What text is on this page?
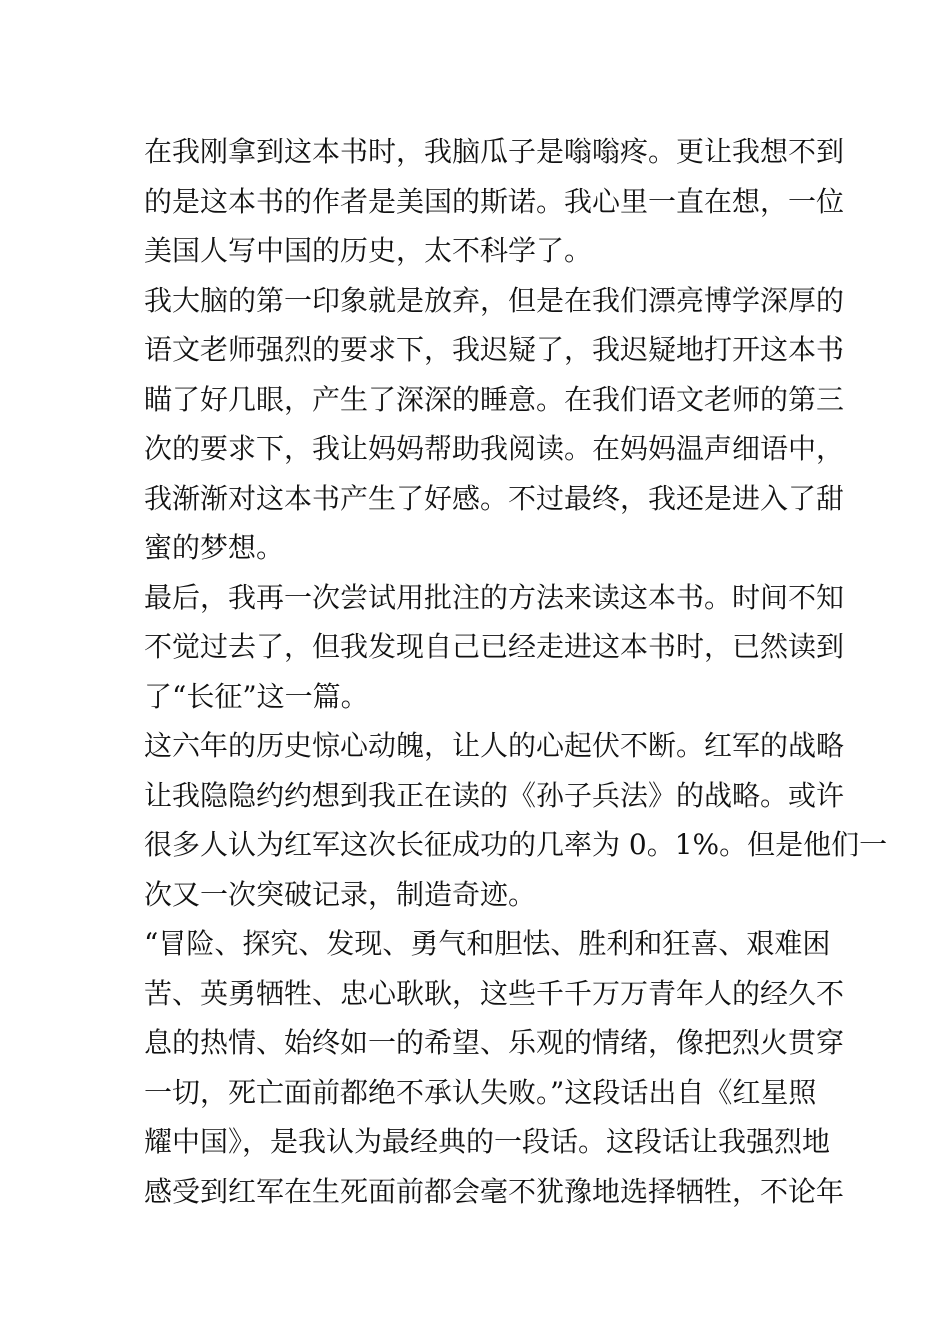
在我刚拿到这本书时，我脑瓜子是嗡嗡疼。更让我想不到
的是这本书的作者是美国的斯诺。我心里一直在想，一位
美国人写中国的历史，太不科学了。

我大脑的第一印象就是放弃，但是在我们漂亮博学深厚的
语文老师强烈的要求下，我迟疑了，我迟疑地打开这本书
瞄了好几眼，产生了深深的睡意。在我们语文老师的第三
次的要求下，我让妈妈帮助我阅读。在妈妈温声细语中，
我渐渐对这本书产生了好感。不过最终，我还是进入了甜
蜜的梦想。

最后，我再一次尝试用批注的方法来读这本书。时间不知
不觉过去了，但我发现自己已经走进这本书时，已然读到
了“长征”这一篇。

这六年的历史惊心动魄，让人的心起伏不断。红军的战略
让我隐隐约约想到我正在读的《孙子兵法》的战略。或许
很多人认为红军这次长征成功的几率为 0。1%。但是他们一
次又一次突破记录，制造奇迹。

“冒险、探究、发现、勇气和胆怯、胜利和狂喜、艰难困
苦、英勇牺牲、忠心耿耿，这些千千万万青年人的经久不
息的热情、始终如一的希望、乐观的情绪，像把烈火贯穿
一切，死亡面前都绝不承认失败。”这段话出自《红星照
耀中国》，是我认为最经典的一段话。这段话让我强烈地
感受到红军在生死面前都会毫不犹豫地选择牺牲，不论年
